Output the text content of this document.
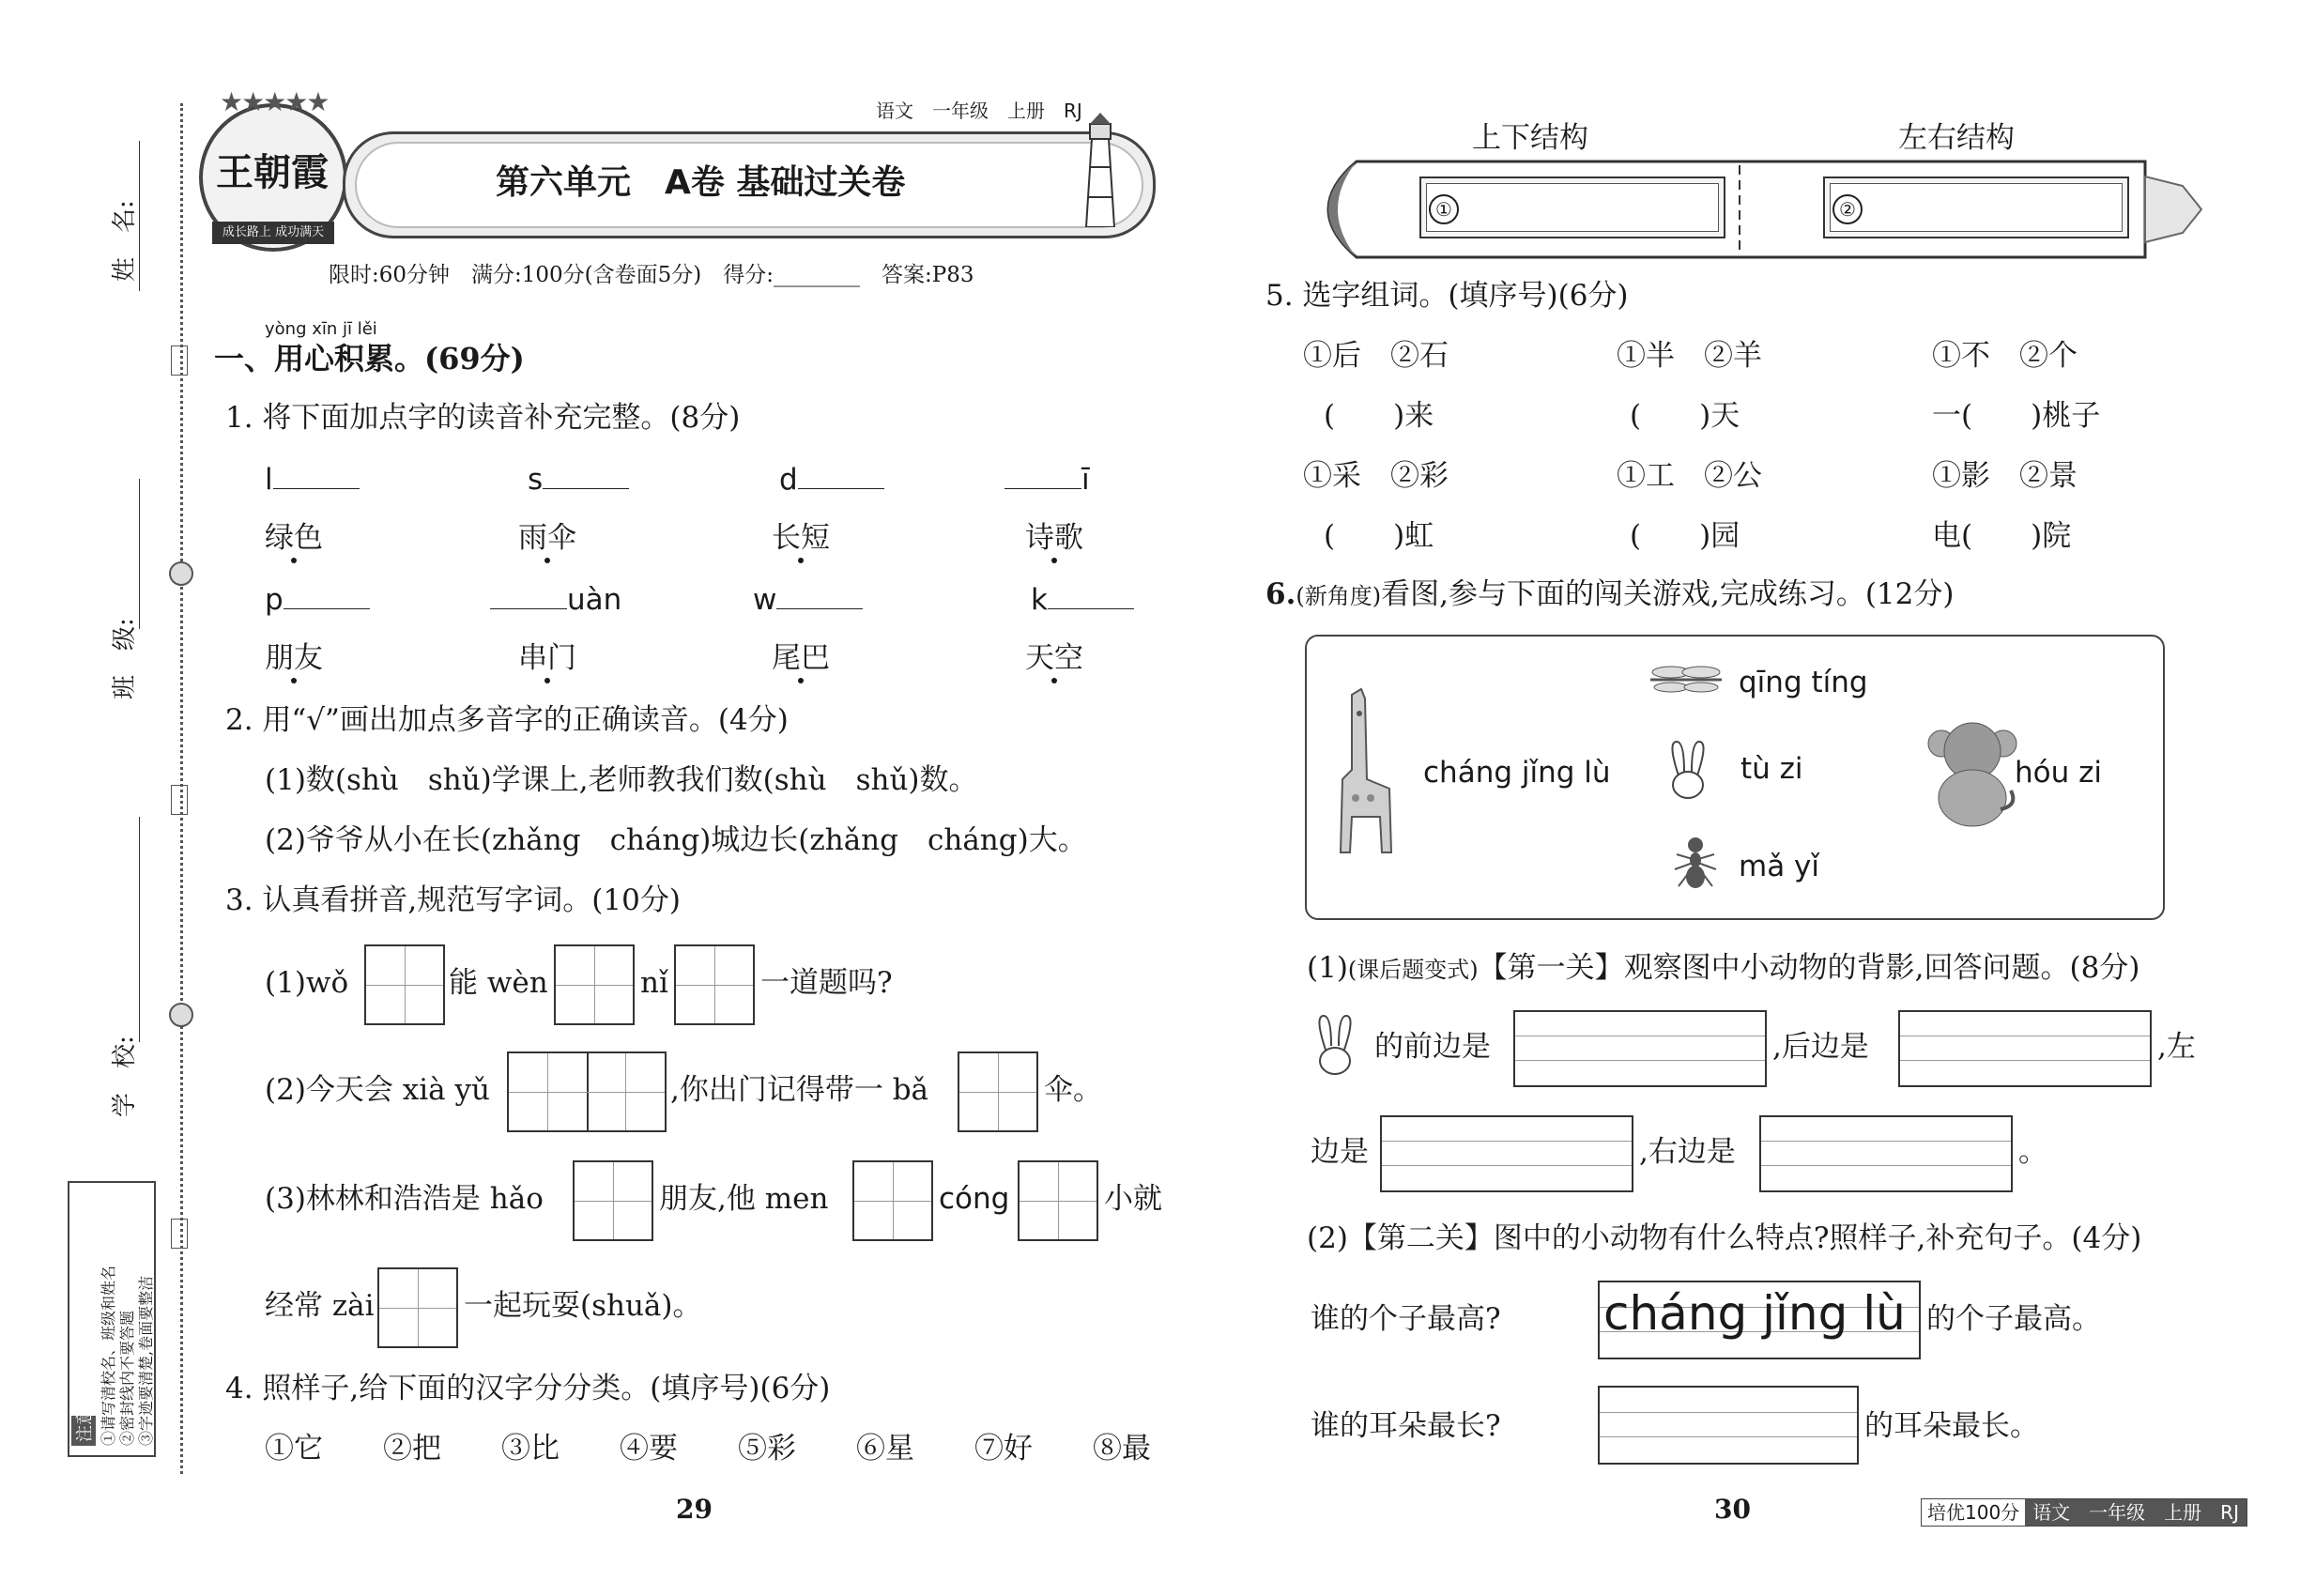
姓　名:
班　级:
学　校:
注意事项 ①请写清校名、班级和姓名 ②密封线内不要答题 ③字迹要清楚,卷面要整洁
★★★★★
王朝霞
成长路上 成功满天
语文　一年级　上册　RJ
第六单元　A卷 基础过关卷
限时:60分钟　满分:100分(含卷面5分)　得分:________　答案:P83
yòng xīn jī lěi
一、用心积累。(69分)
1. 将下面加点字的读音补充完整。(8分)
l	s	d	ī
绿色	雨伞	长短	诗歌
p	uàn	w	k
朋友	串门	尾巴	天空
2. 用“√”画出加点多音字的正确读音。(4分)
(1)数(shù　shǔ)学课上,老师教我们数(shù　shǔ)数。
(2)爷爷从小在长(zhǎng　cháng)城边长(zhǎng　cháng)大。
3. 认真看拼音,规范写字词。(10分)
(1)wǒ	能 wèn	nǐ	一道题吗?
(2)今天会 xià yǔ	,你出门记得带一 bǎ	伞。
(3)林林和浩浩是 hǎo	朋友,他 men	cóng	小就
经常 zài	一起玩耍(shuǎ)。
4. 照样子,给下面的汉字分分类。(填序号)(6分)
①它 ②把 ③比 ④要 ⑤彩 ⑥星 ⑦好 ⑧最
29
上下结构	左右结构
①	②
5. 选字组词。(填序号)(6分)
①后　②石	①半　②羊	①不　②个
(　　)来	(　　)天	一(　　)桃子
①采　②彩	①工　②公	①影　②景
(　　)虹	(　　)园	电(　　)院
6.(新角度)看图,参与下面的闯关游戏,完成练习。(12分)
cháng jǐng lù
qīng tíng
tù zi	hóu zi
mǎ yǐ
(1)(课后题变式)【第一关】观察图中小动物的背影,回答问题。(8分)
的前边是	,后边是	,左
边是	,右边是	。
(2)【第二关】图中的小动物有什么特点?照样子,补充句子。(4分)
谁的个子最高? cháng jǐng lù 的个子最高。
谁的耳朵最长?	的耳朵最长。
30	培优100分 语文　一年级　上册　RJ
